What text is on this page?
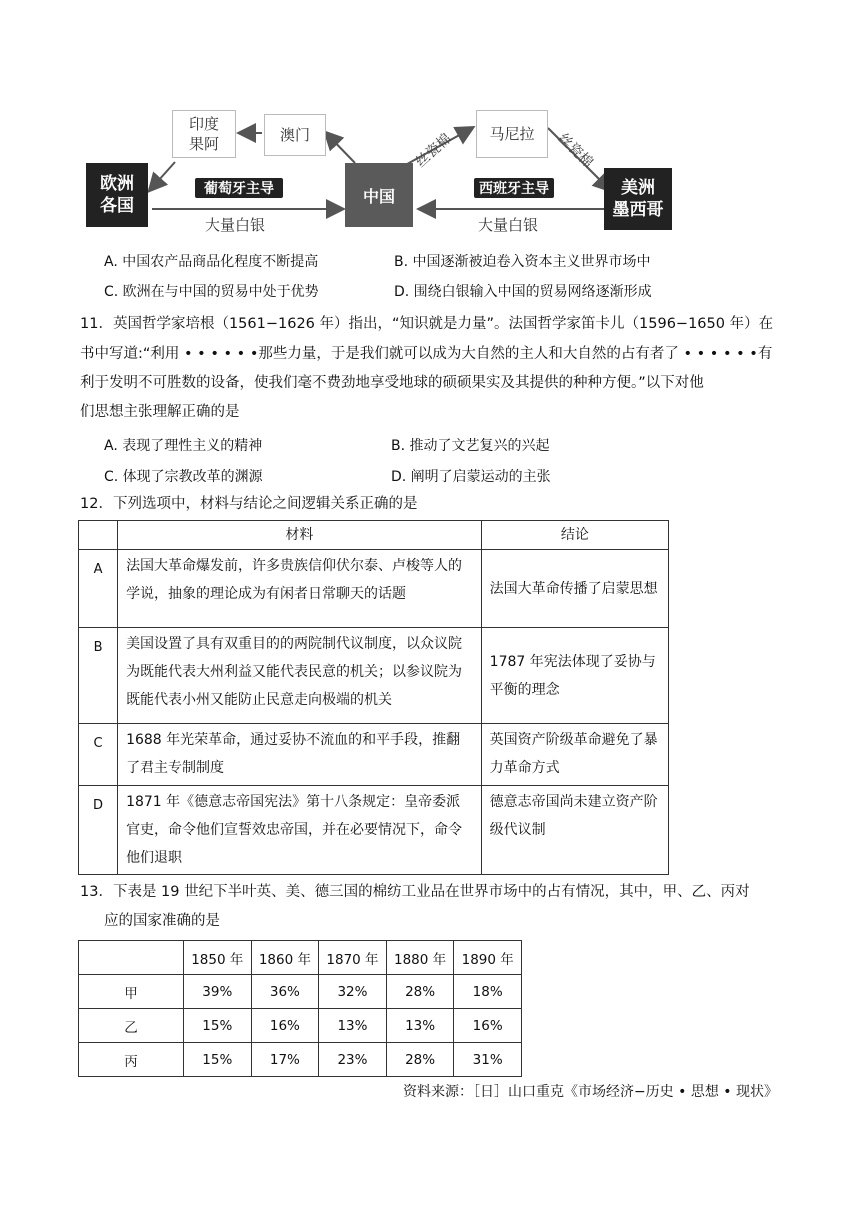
印度
果阿	澳门	马尼拉
欧洲
各国	中国	美洲
墨西哥
葡萄牙主导	西班牙主导
大量白银	大量白银
丝瓷棉	丝瓷棉
A. 中国农产品商品化程度不断提高	B. 中国逐渐被迫卷入资本主义世界市场中
C. 欧洲在与中国的贸易中处于优势	D. 围绕白银输入中国的贸易网络逐渐形成
11．英国哲学家培根（1561−1626 年）指出，“知识就是力量”。法国哲学家笛卡儿（1596−1650 年）在
书中写道:“利用 • • • • • •那些力量，于是我们就可以成为大自然的主人和大自然的占有者了 • • • • • •有
利于发明不可胜数的设备，使我们毫不费劲地享受地球的硕硕果实及其提供的种种方便。”以下对他
们思想主张理解正确的是
A. 表现了理性主义的精神	B. 推动了文艺复兴的兴起
C. 体现了宗教改革的渊源	D. 阐明了启蒙运动的主张
12．下列选项中，材料与结论之间逻辑关系正确的是
	材料	结论
A	法国大革命爆发前，许多贵族信仰伏尔泰、卢梭等人的学说，抽象的理论成为有闲者日常聊天的话题	法国大革命传播了启蒙思想
B	美国设置了具有双重目的的两院制代议制度，以众议院为既能代表大州利益又能代表民意的机关；以参议院为既能代表小州又能防止民意走向极端的机关	1787 年宪法体现了妥协与平衡的理念
C	1688 年光荣革命，通过妥协不流血的和平手段，推翻了君主专制制度	英国资产阶级革命避免了暴力革命方式
D	1871 年《德意志帝国宪法》第十八条规定：皇帝委派官吏，命令他们宣誓效忠帝国，并在必要情况下，命令他们退职	德意志帝国尚未建立资产阶级代议制
13．下表是 19 世纪下半叶英、美、德三国的棉纺工业品在世界市场中的占有情况，其中，甲、乙、丙对
应的国家准确的是
	1850 年	1860 年	1870 年	1880 年	1890 年
甲	39%	36%	32%	28%	18%
乙	15%	16%	13%	13%	16%
丙	15%	17%	23%	28%	31%
资料来源：［日］山口重克《市场经济−历史 • 思想 • 现状》
